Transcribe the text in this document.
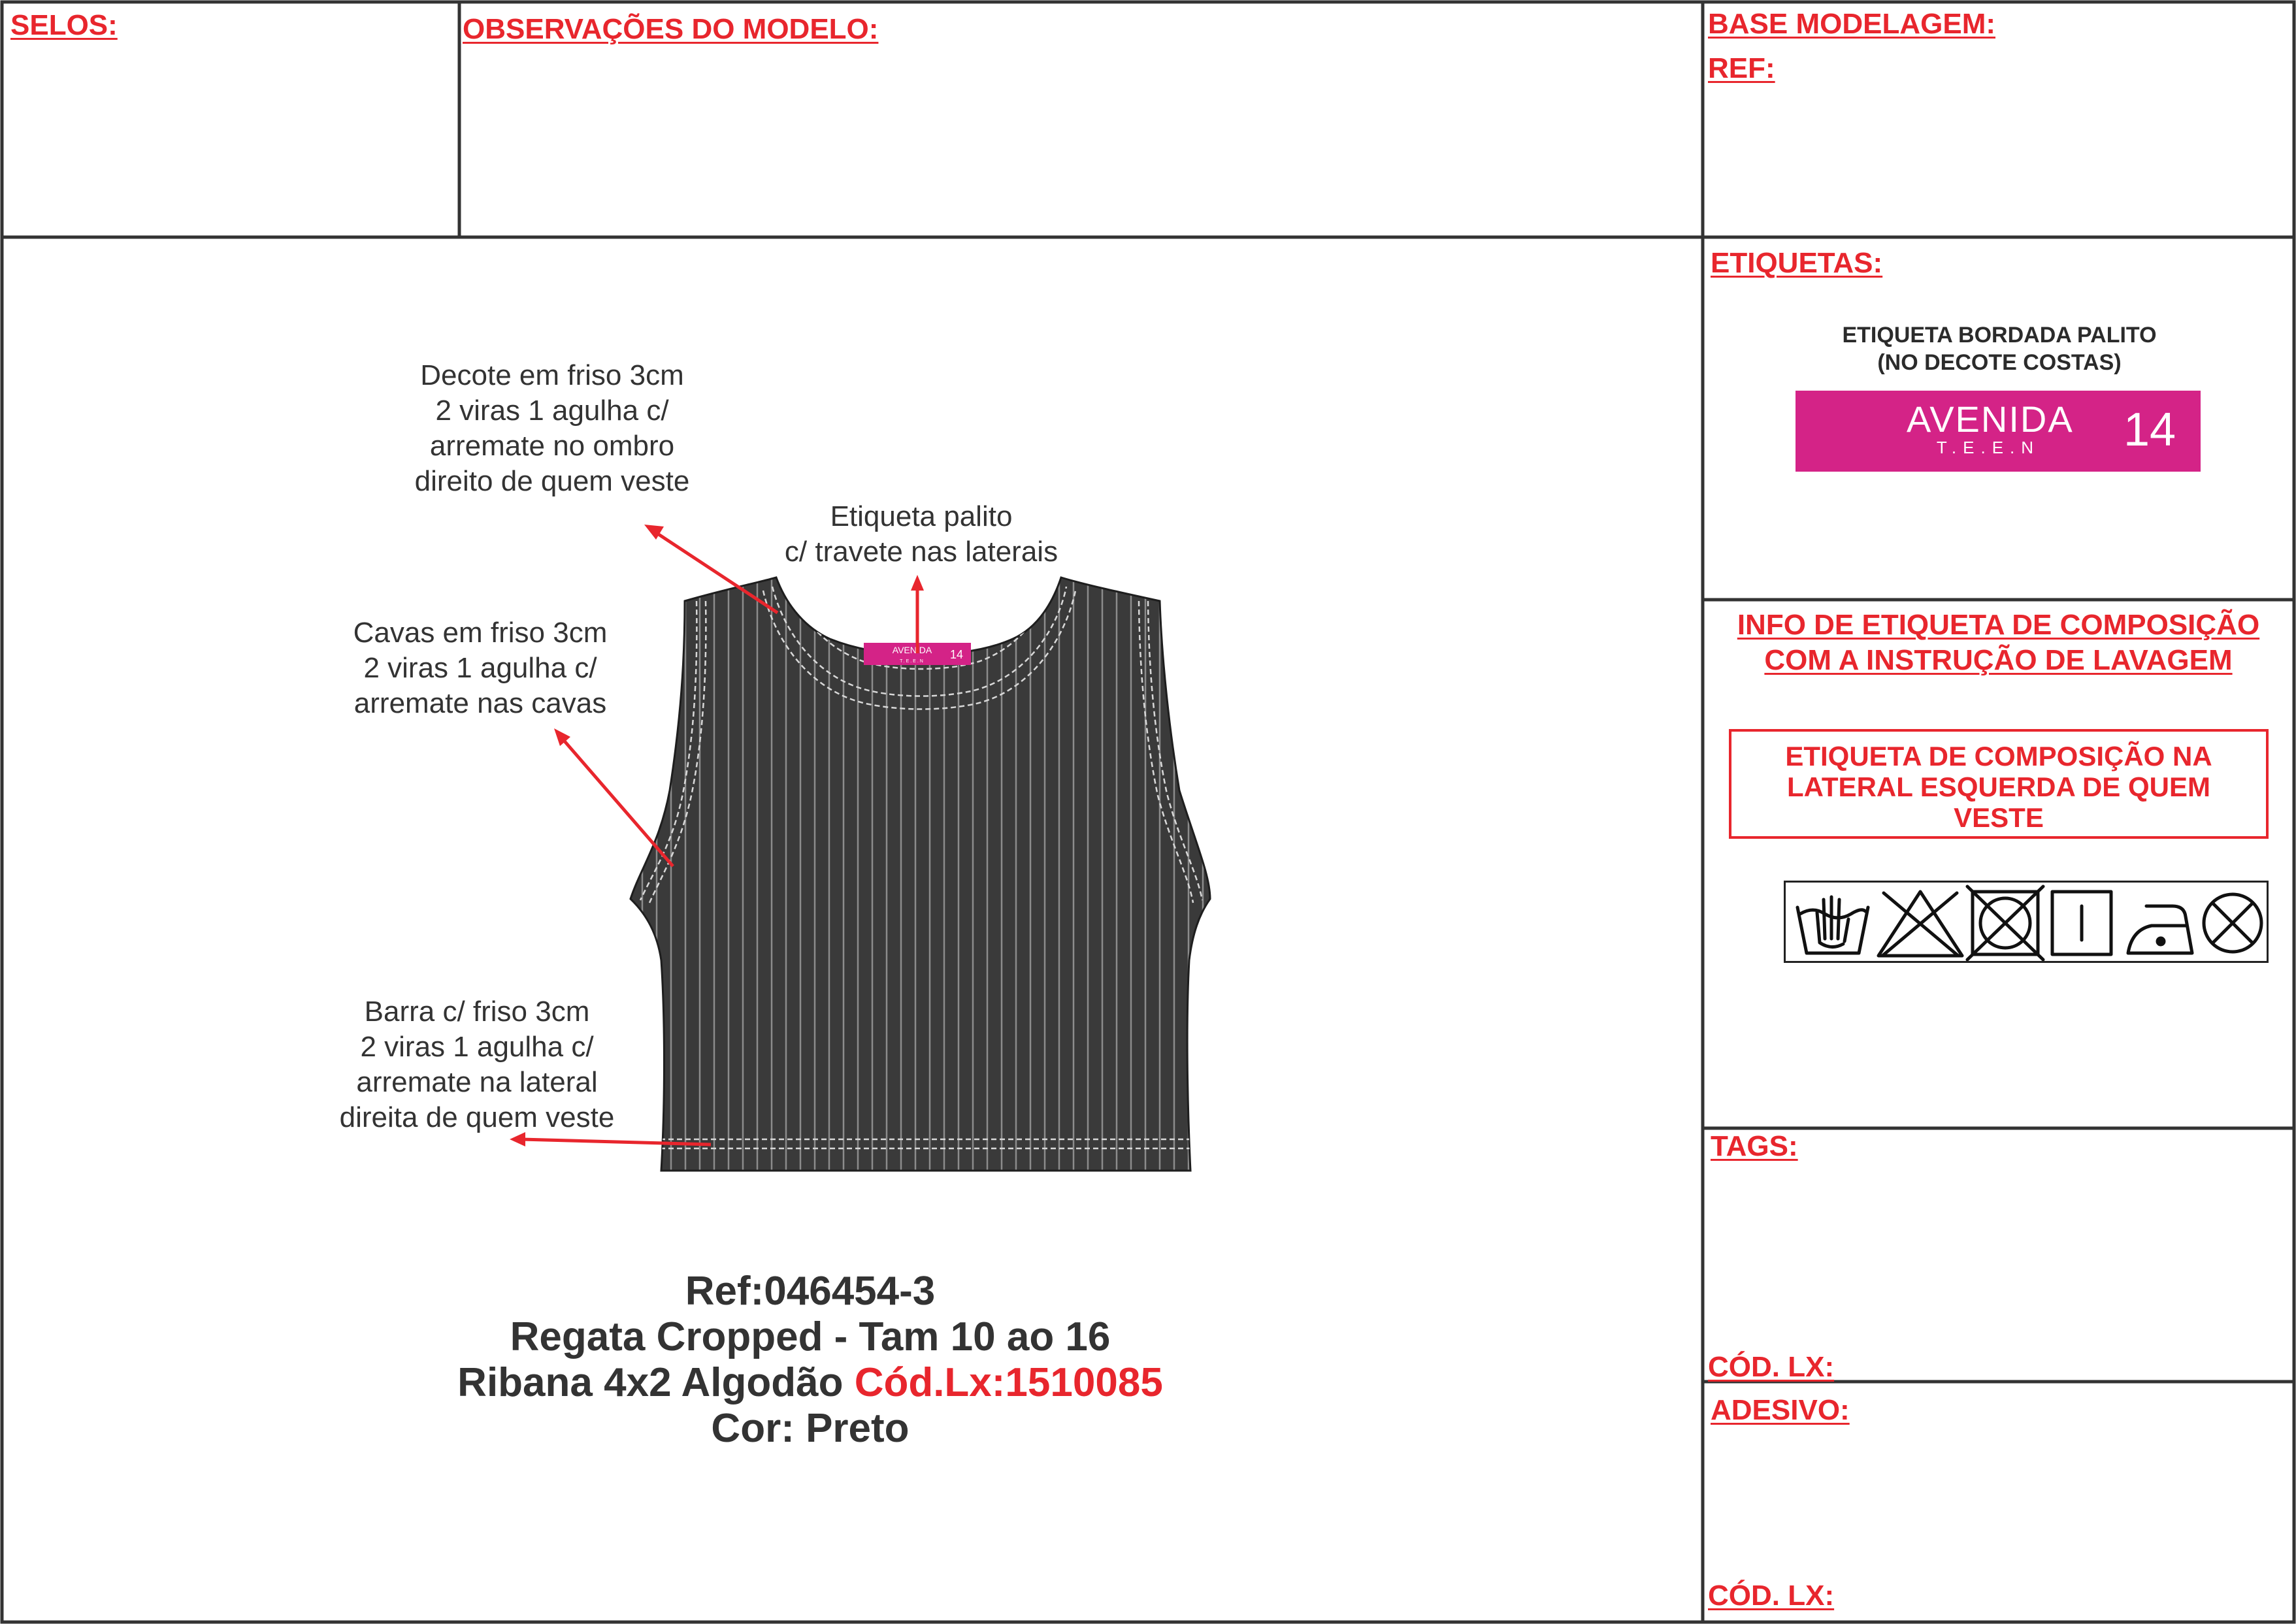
SELOS:	OBSERVAÇÕES DO MODELO:	BASE MODELAGEM:
REF:
ETIQUETAS:
ETIQUETA BORDADA PALITO
(NO DECOTE COSTAS)
AVENIDA
T.E.E.N	14
INFO DE ETIQUETA DE COMPOSIÇÃO
COM A INSTRUÇÃO DE LAVAGEM
ETIQUETA DE COMPOSIÇÃO NA
LATERAL ESQUERDA DE QUEM
VESTE
TAGS:
CÓD. LX:
ADESIVO:
CÓD. LX:
AVENIDA
T.E.E.N
14
Decote em friso 3cm
2 viras 1 agulha c/
arremate no ombro
direito de quem veste
Etiqueta palito
c/ travete nas laterais
Cavas em friso 3cm
2 viras 1 agulha c/
arremate nas cavas
Barra c/ friso 3cm
2 viras 1 agulha c/
arremate na lateral
direita de quem veste
Ref:046454-3
Regata Cropped - Tam 10 ao 16
Ribana 4x2 Algodão Cód.Lx:1510085
Cor: Preto
